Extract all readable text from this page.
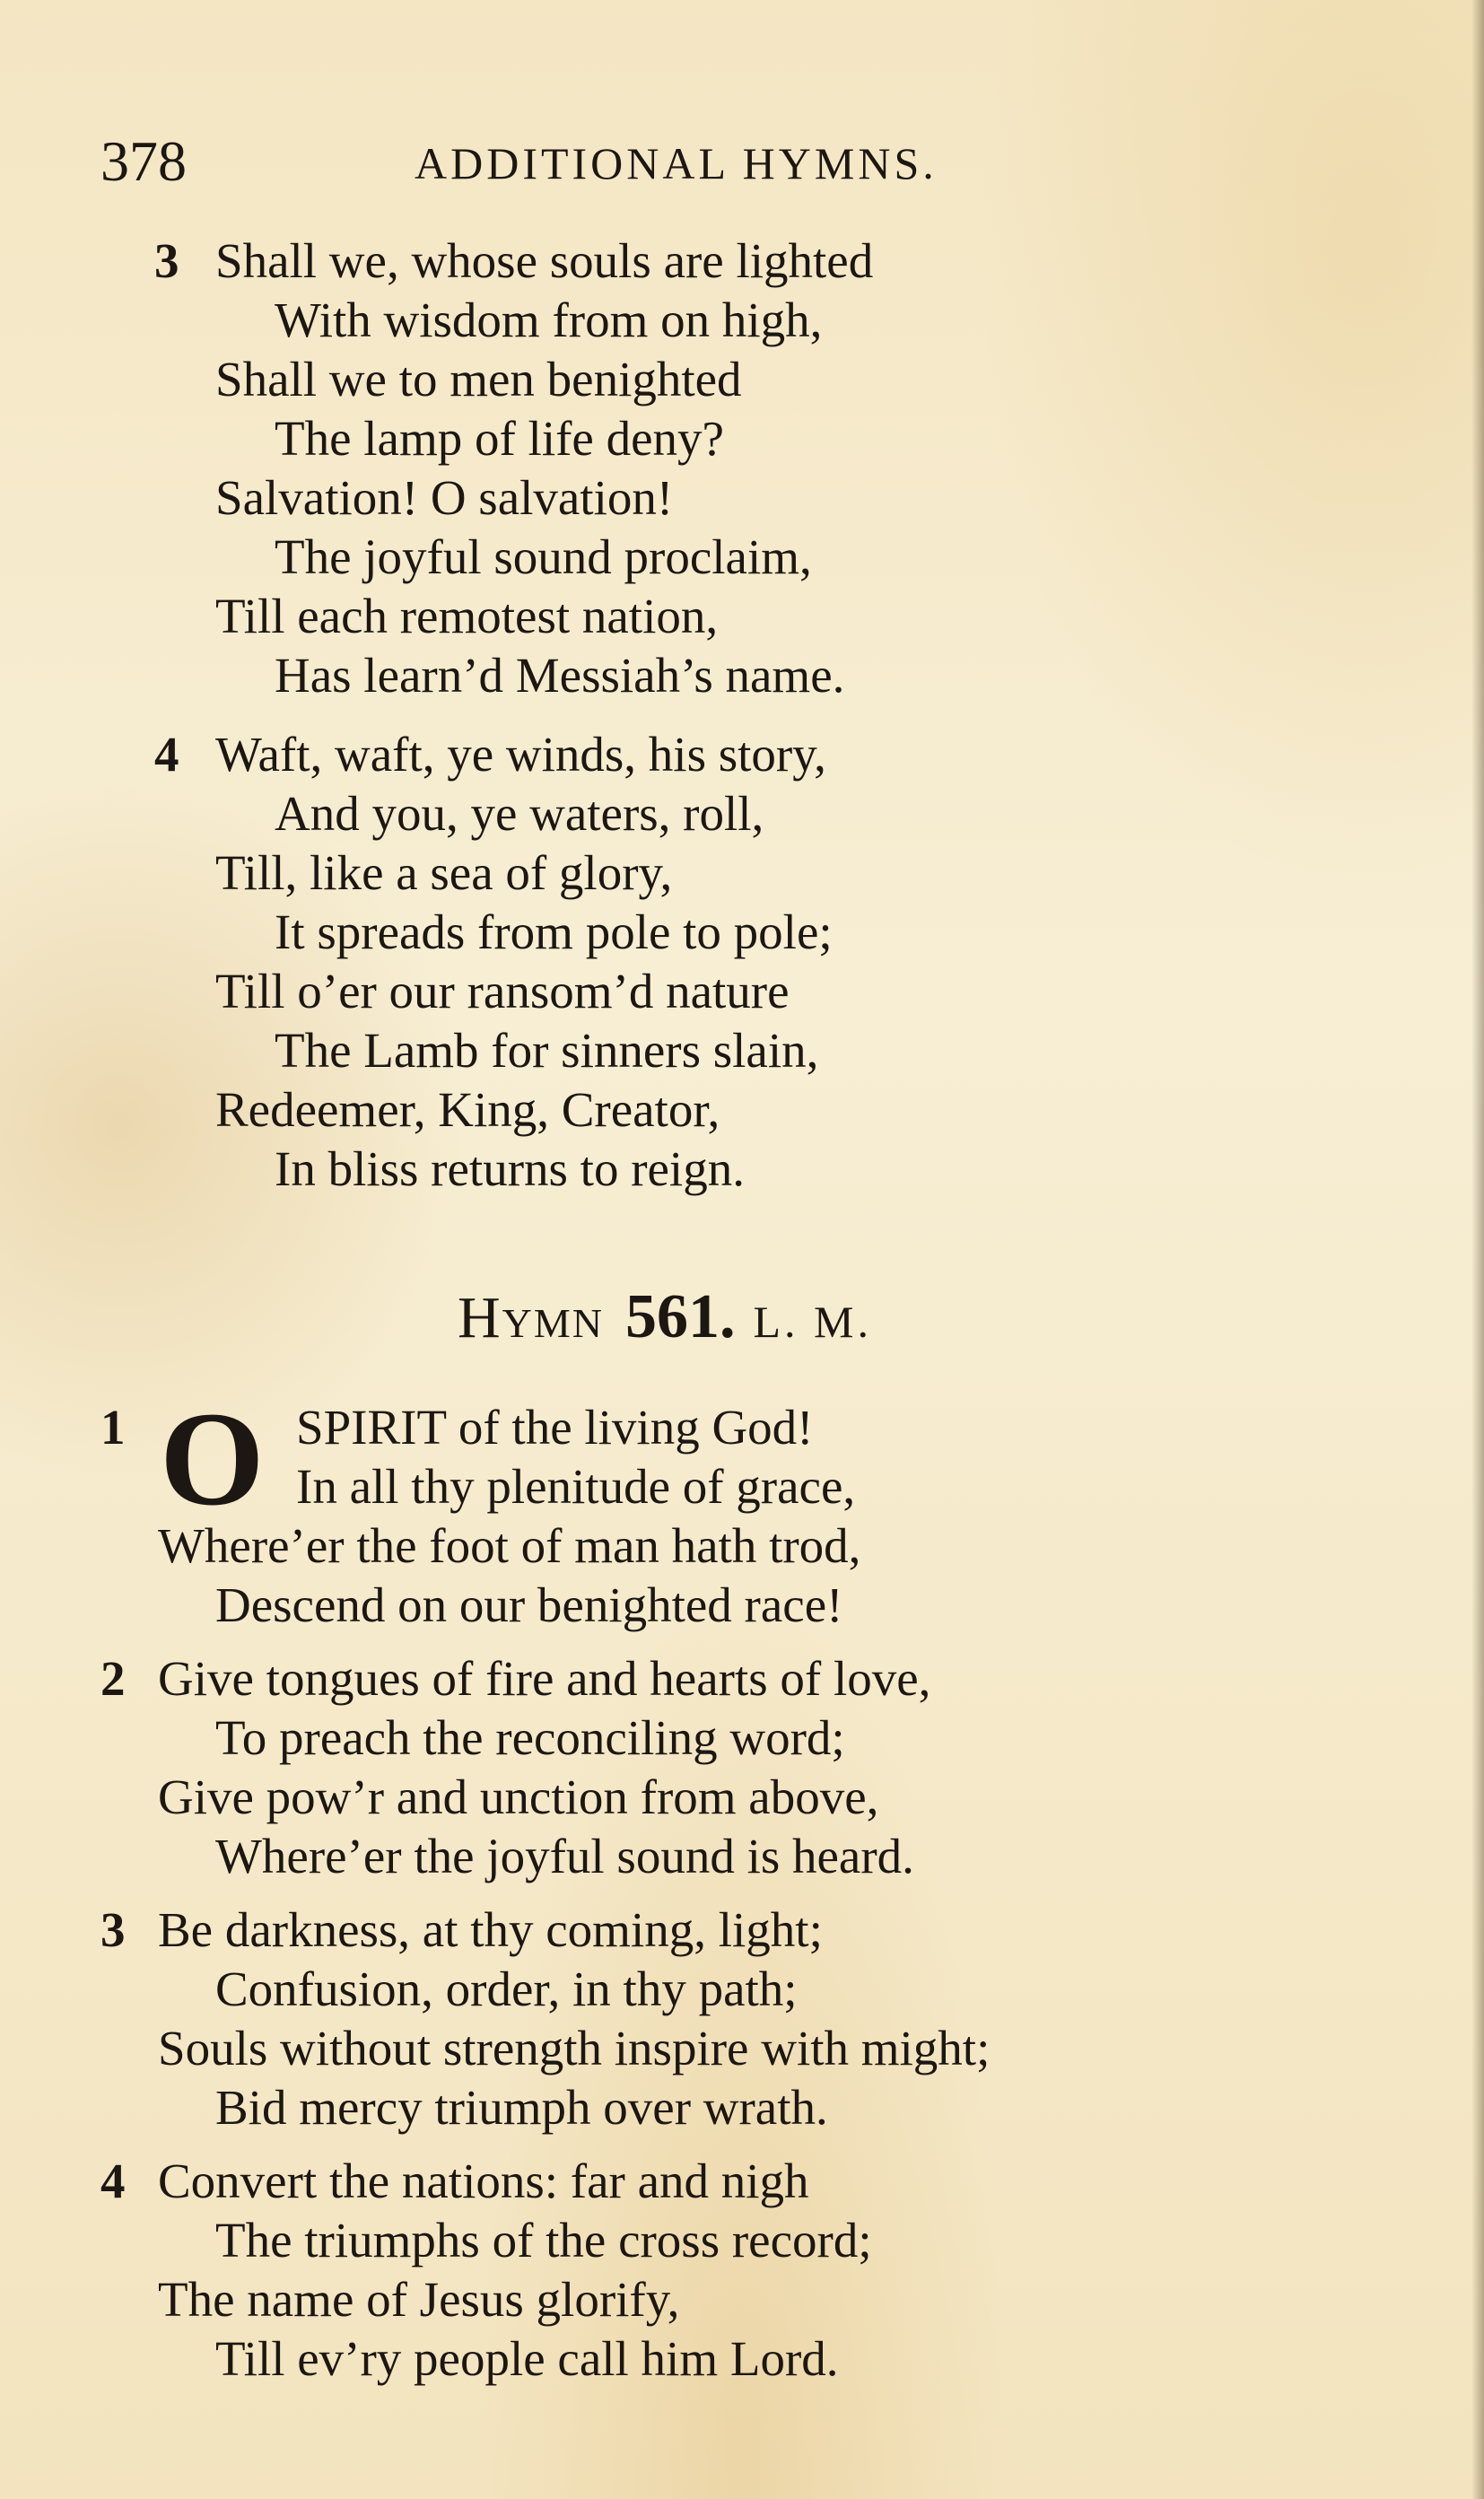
378	ADDITIONAL HYMNS.
3 Shall we, whose souls are lighted
With wisdom from on high,
Shall we to men benighted
The lamp of life deny?
Salvation! O salvation!
The joyful sound proclaim,
Till each remotest nation,
Has learn’d Messiah’s name.
4 Waft, waft, ye winds, his story,
And you, ye waters, roll,
Till, like a sea of glory,
It spreads from pole to pole;
Till o’er our ransom’d nature
The Lamb for sinners slain,
Redeemer, King, Creator,
In bliss returns to reign.
Hymn 561. L. M.
1 O SPIRIT of the living God!
In all thy plenitude of grace,
Where’er the foot of man hath trod,
Descend on our benighted race!
2 Give tongues of fire and hearts of love,
To preach the reconciling word;
Give pow’r and unction from above,
Where’er the joyful sound is heard.
3 Be darkness, at thy coming, light;
Confusion, order, in thy path;
Souls without strength inspire with might;
Bid mercy triumph over wrath.
4 Convert the nations: far and nigh
The triumphs of the cross record;
The name of Jesus glorify,
Till ev’ry people call him Lord.
